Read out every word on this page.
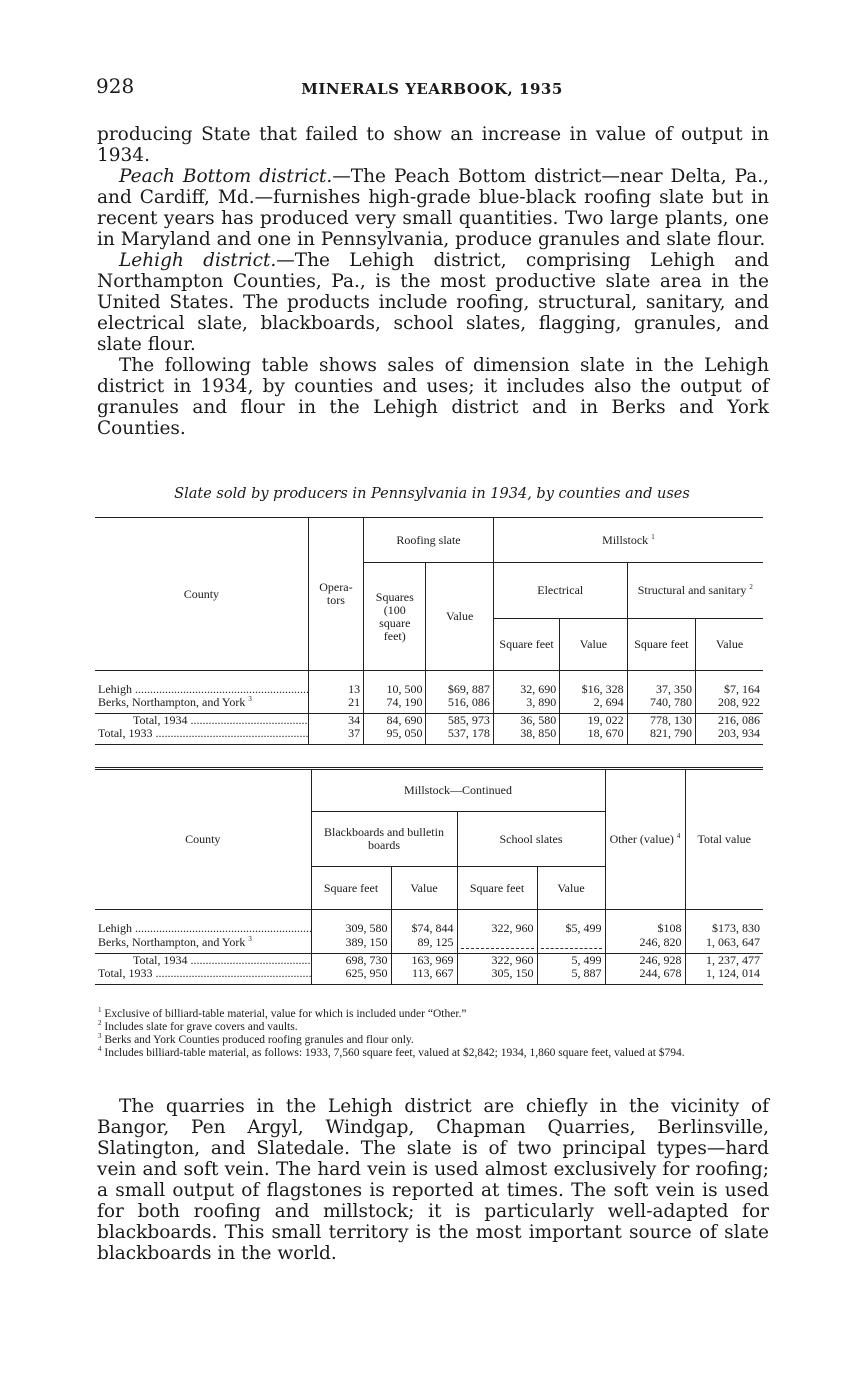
928	MINERALS YEARBOOK, 1935

producing State that failed to show an increase in value of output in 1934.

Peach Bottom district.—The Peach Bottom district—near Delta, Pa., and Cardiff, Md.—furnishes high-grade blue-black roofing slate but in recent years has produced very small quantities. Two large plants, one in Maryland and one in Pennsylvania, produce granules and slate flour.

Lehigh district.—The Lehigh district, comprising Lehigh and Northampton Counties, Pa., is the most productive slate area in the United States. The products include roofing, structural, sanitary, and electrical slate, blackboards, school slates, flagging, granules, and slate flour.

The following table shows sales of dimension slate in the Lehigh district in 1934, by counties and uses; it includes also the output of granules and flour in the Lehigh district and in Berks and York Counties.

Slate sold by producers in Pennsylvania in 1934, by counties and uses
County	Opera-tors	Roofing slate		Millstock $^1$
		Squares (100 square feet)	Value	Electrical		Structural and sanitary $^2$
				Square feet	Value	Square feet	Value

Lehigh .....	13	10, 500	$69, 887	32, 690	$16, 328	37, 350	$7, 164
Berks, Northampton, and York $^3$	21	74, 190	516, 086	3, 890	2, 694	740, 780	208, 922
Total, 1934 .....	34	84, 690	585, 973	36, 580	19, 022	778, 130	216, 086
Total, 1933 .....	37	95, 050	537, 178	38, 850	18, 670	821, 790	203, 934
County	Millstock—Continued				Other (value) $^4$	Total value
	Blackboards and bulletin boards		School slates			
	Square feet	Value	Square feet	Value		

Lehigh .....	309, 580	$74, 844	322, 960	$5, 499	$108	$173, 830
Berks, Northampton, and York $^3$	389, 150	89, 125			246, 820	1, 063, 647
Total, 1934 .....	698, 730	163, 969	322, 960	5, 499	246, 928	1, 237, 477
Total, 1933 .....	625, 950	113, 667	305, 150	5, 887	244, 678	1, 124, 014

$^1$ Exclusive of billiard-table material, value for which is included under “Other.”

$^2$ Includes slate for grave covers and vaults.

$^3$ Berks and York Counties produced roofing granules and flour only.

$^4$ Includes billiard-table material, as follows: 1933, 7,560 square feet, valued at $2,842; 1934, 1,860 square feet, valued at $794.

The quarries in the Lehigh district are chiefly in the vicinity of Bangor, Pen Argyl, Windgap, Chapman Quarries, Berlinsville, Slatington, and Slatedale. The slate is of two principal types—hard vein and soft vein. The hard vein is used almost exclusively for roofing; a small output of flagstones is reported at times. The soft vein is used for both roofing and millstock; it is particularly well-adapted for blackboards. This small territory is the most important source of slate blackboards in the world.
